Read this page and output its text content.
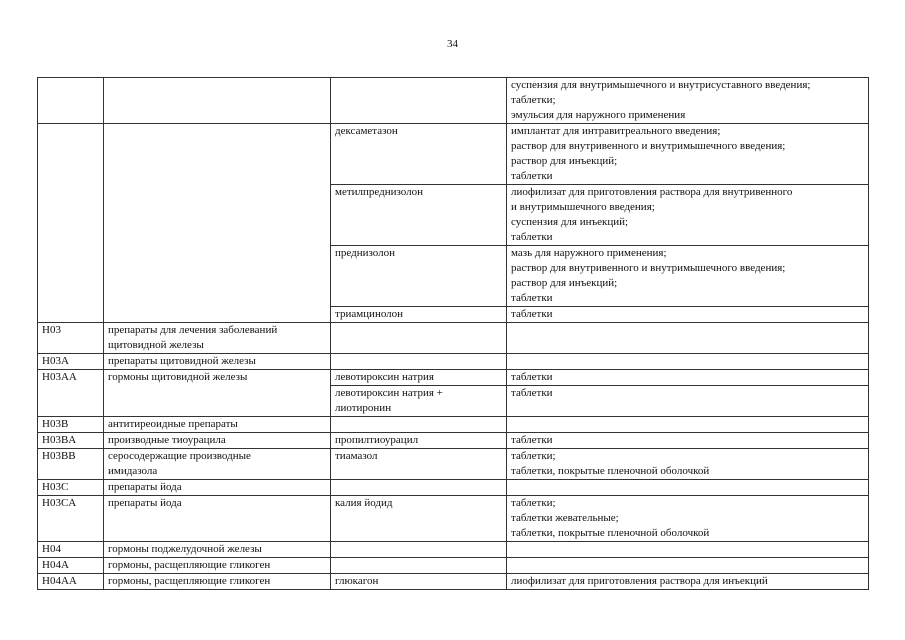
34
			суспензия для внутримышечного и внутрисуставного введения;
таблетки;
эмульсия для наружного применения
		дексаметазон	имплантат для интравитреального введения;
раствор для внутривенного и внутримышечного введения;
раствор для инъекций;
таблетки
		метилпреднизолон	лиофилизат для приготовления раствора для внутривенного
и внутримышечного введения;
суспензия для инъекций;
таблетки
		преднизолон	мазь для наружного применения;
раствор для внутривенного и внутримышечного введения;
раствор для инъекций;
таблетки
		триамцинолон	таблетки
H03	препараты для лечения заболеваний
щитовидной железы		
H03A	препараты щитовидной железы		
H03AA	гормоны щитовидной железы	левотироксин натрия	таблетки
		левотироксин натрия +
лиотиронин	таблетки
H03B	антитиреоидные препараты		
H03BA	производные тиоурацила	пропилтиоурацил	таблетки
H03BB	серосодержащие производные
имидазола	тиамазол	таблетки;
таблетки, покрытые пленочной оболочкой
H03C	препараты йода		
H03CA	препараты йода	калия йодид	таблетки;
таблетки жевательные;
таблетки, покрытые пленочной оболочкой
H04	гормоны поджелудочной железы		
H04A	гормоны, расщепляющие гликоген		
H04AA	гормоны, расщепляющие гликоген	глюкагон	лиофилизат для приготовления раствора для инъекций
